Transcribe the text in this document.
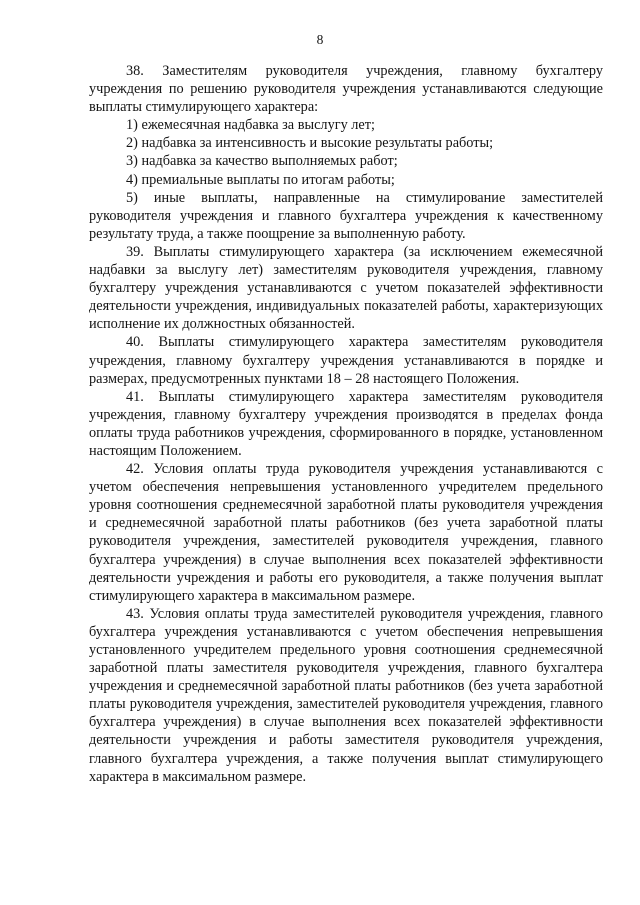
8

38. Заместителям руководителя учреждения, главному бухгалтеру учреждения по решению руководителя учреждения устанавливаются следующие выплаты стимулирующего характера:

1) ежемесячная надбавка за выслугу лет;

2) надбавка за интенсивность и высокие результаты работы;

3) надбавка за качество выполняемых работ;

4) премиальные выплаты по итогам работы;

5) иные выплаты, направленные на стимулирование заместителей руководителя учреждения и главного бухгалтера учреждения к качественному результату труда, а также поощрение за выполненную работу.

39. Выплаты стимулирующего характера (за исключением ежемесячной надбавки за выслугу лет) заместителям руководителя учреждения, главному бухгалтеру учреждения устанавливаются с учетом показателей эффективности деятельности учреждения, индивидуальных показателей работы, характеризующих исполнение их должностных обязанностей.

40. Выплаты стимулирующего характера заместителям руководителя учреждения, главному бухгалтеру учреждения устанавливаются в порядке и размерах, предусмотренных пунктами 18 – 28 настоящего Положения.

41. Выплаты стимулирующего характера заместителям руководителя учреждения, главному бухгалтеру учреждения производятся в пределах фонда оплаты труда работников учреждения, сформированного в порядке, установленном настоящим Положением.

42. Условия оплаты труда руководителя учреждения устанавливаются с учетом обеспечения непревышения установленного учредителем предельного уровня соотношения среднемесячной заработной платы руководителя учреждения и среднемесячной заработной платы работников (без учета заработной платы руководителя учреждения, заместителей руководителя учреждения, главного бухгалтера учреждения) в случае выполнения всех показателей эффективности деятельности учреждения и работы его руководителя, а также получения выплат стимулирующего характера в максимальном размере.

43. Условия оплаты труда заместителей руководителя учреждения, главного бухгалтера учреждения устанавливаются с учетом обеспечения непревышения установленного учредителем предельного уровня соотношения среднемесячной заработной платы заместителя руководителя учреждения, главного бухгалтера учреждения и среднемесячной заработной платы работников (без учета заработной платы руководителя учреждения, заместителей руководителя учреждения, главного бухгалтера учреждения) в случае выполнения всех показателей эффективности деятельности учреждения и работы заместителя руководителя учреждения, главного бухгалтера учреждения, а также получения выплат стимулирующего характера в максимальном размере.
